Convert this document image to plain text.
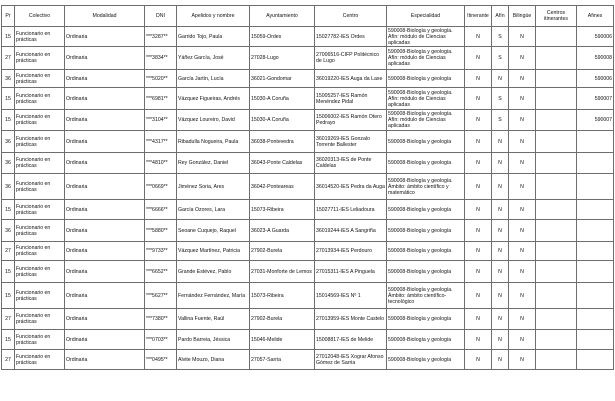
Pr	Colectivo	Modalidad	DNI	Apelidos y nombre	Ayuntamiento	Centro	Especialidad	Itinerante	Afín	Bilingüe	Centros itinerantes	Afines
15	Funcionario en prácticas	Ordinaria	***3287**	Garrido Tojo, Paula	15059-Ordes	15027782-IES Ordes	590008-Biología y geología. Afín: módulo de Ciencias aplicadas	N	S	N		590006
27	Funcionario en prácticas	Ordinaria	***3834**	Yáñez García, José	27028-Lugo	27006516-CIFP Politécnico de Lugo	590008-Biología y geología. Afín: módulo de Ciencias aplicadas	N	S	N		590008
36	Funcionario en prácticas	Ordinaria	***5020**	García Jartín, Lucía	36021-Gondomar	36019220-IES Auga da Laxe	590008-Biología y geología	N	N	N		590006
15	Funcionario en prácticas	Ordinaria	***6981**	Vázquez Figueiras, Andrés	15030-A Coruña	15005257-IES Ramón Menéndez Pidal	590008-Biología y geología. Afín: módulo de Ciencias aplicadas	N	S	N		590007
15	Funcionario en prácticas	Ordinaria	***3104**	Vázquez Loureiro, David	15030-A Coruña	15006002-IES Ramón Otero Pedrayo	590008-Biología y geología. Afín: módulo de Ciencias aplicadas	N	S	N		590007
36	Funcionario en prácticas	Ordinaria	***4317**	Ribadulla Nogueira, Paula	36038-Pontevedra	36019269-IES Gonzalo Torrente Ballester	590008-Biología y geología	N	N	N		
36	Funcionario en prácticas	Ordinaria	***4810**	Rey González, Daniel	36043-Ponte Caldelas	36020313-IES de Ponte Caldelas	590008-Biología y geología	N	N	N		
36	Funcionario en prácticas	Ordinaria	***0669**	Jiménez Soria, Ares	36042-Ponteareas	36014520-IES Pedra da Auga	590008-Biología y geología. Ámbito: ámbito científico y matemático	N	N	N		
15	Funcionario en prácticas	Ordinaria	***6666**	García Ozores, Lara	15073-Ribeira	15027711-IES Leliadoura	590008-Biología y geología	N	N	N		
36	Funcionario en prácticas	Ordinaria	***5880**	Seoane Cuquejo, Raquel	36023-A Guarda	36019244-IES A Sangriña	590008-Biología y geología	N	N	N		
27	Funcionario en prácticas	Ordinaria	***9733**	Vázquez Martínez, Patricia	27902-Burela	27013934-IES Perdouro	590008-Biología y geología	N	N	N		
15	Funcionario en prácticas	Ordinaria	***6652**	Grande Estévez, Pablo	27031-Monforte de Lemos	27015311-IES A Pinguela	590008-Biología y geología	N	N	N		
15	Funcionario en prácticas	Ordinaria	***5627**	Fernández Fernández, María	15073-Ribeira	15014569-IES Nº 1	590008-Biología y geología. Ámbito: ámbito científico-tecnológico	N	N	N		
27	Funcionario en prácticas	Ordinaria	***7380**	Vallina Fuente, Raúl	27902-Burela	27013959-IES Monte Castelo	590008-Biología y geología	N	N	N		
15	Funcionario en prácticas	Ordinaria	***0703**	Pardo Barreia, Jéssica	15046-Melide	15008817-IES de Melide	590008-Biología y geología	N	N	N		
27	Funcionario en prácticas	Ordinaria	***0495**	Alvite Mouzo, Diana	27057-Sarria	27012048-IES Xograr Afonso Gómez de Sarria	590008-Biología y geología	N	N	N		
